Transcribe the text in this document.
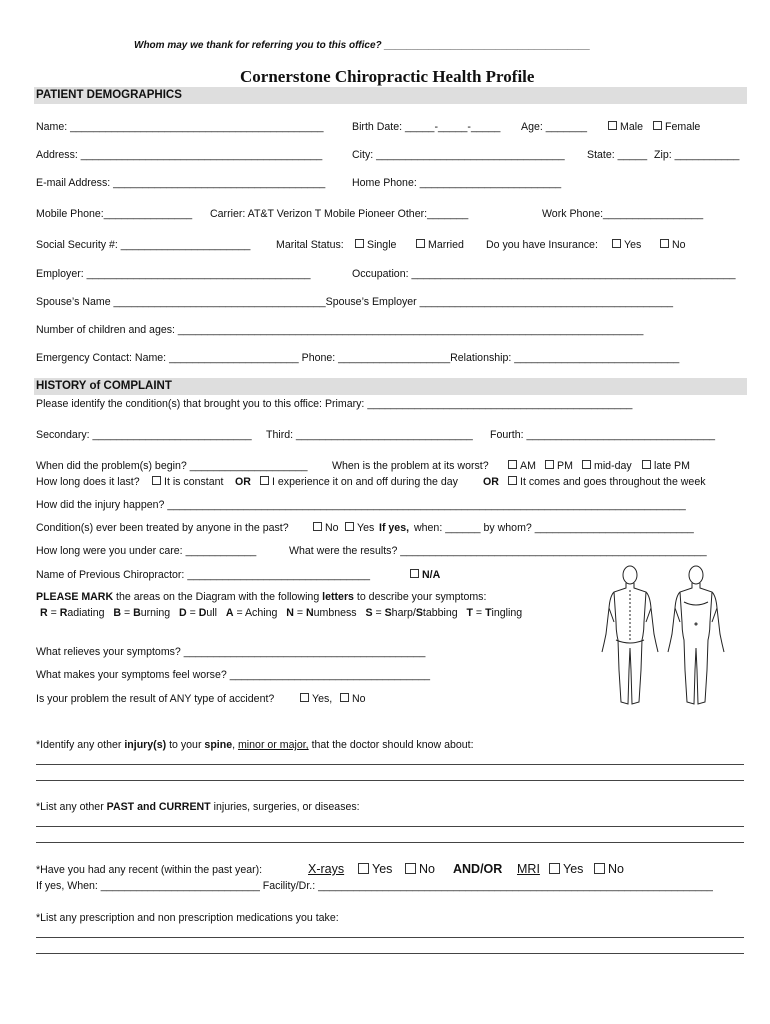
Whom may we thank for referring you to this office? _____________________________________
Cornerstone Chiropractic Health Profile
PATIENT DEMOGRAPHICS
Name: ___________________________________________	Birth Date: _____-_____-_____ Age: _______	Male	Female
Address: _________________________________________	City: ________________________________ State: _____ Zip: ___________
E-mail Address: ____________________________________	Home Phone: ________________________
Mobile Phone:_______________ Carrier: AT&T Verizon T Mobile Pioneer Other:_______	Work Phone:_________________
Social Security #: ______________________ Marital Status:	Single	Married Do you have Insurance:	Yes	No
Employer: ______________________________________	Occupation: _______________________________________________________
Spouse’s Name ____________________________________Spouse’s Employer ___________________________________________
Number of children and ages: _______________________________________________________________________________
Emergency Contact: Name: ______________________ Phone: ___________________Relationship: ____________________________
HISTORY of COMPLAINT
Please identify the condition(s) that brought you to this office: Primary: _____________________________________________
Secondary: ___________________________ Third: ______________________________ Fourth: ________________________________
When did the problem(s) begin? ____________________ When is the problem at its worst?	AM	PM	mid-day	late PM
How long does it last?	It is constant OR	I experience it on and off during the day OR	It comes and goes throughout the week
How did the injury happen? ________________________________________________________________________________________
Condition(s) ever been treated by anyone in the past?	No	Yes If yes, when: ______ by whom? ___________________________
How long were you under care: ____________	What were the results? ____________________________________________________
Name of Previous Chiropractor: _______________________________	N/A
PLEASE MARK the areas on the Diagram with the following letters to describe your symptoms:
R = Radiating   B = Burning   D = Dull   A = Aching   N = Numbness   S = Sharp/Stabbing   T = Tingling
What relieves your symptoms? _________________________________________
What makes your symptoms feel worse? __________________________________
Is your problem the result of ANY type of accident?	Yes,	No
*Identify any other injury(s) to your spine, minor or major, that the doctor should know about:
*List any other PAST and CURRENT injuries, surgeries, or diseases:
*Have you had any recent (within the past year):	X-rays	Yes	No AND/OR MRI	Yes	No
If yes, When: ___________________________ Facility/Dr.: ___________________________________________________________________
*List any prescription and non prescription medications you take:
